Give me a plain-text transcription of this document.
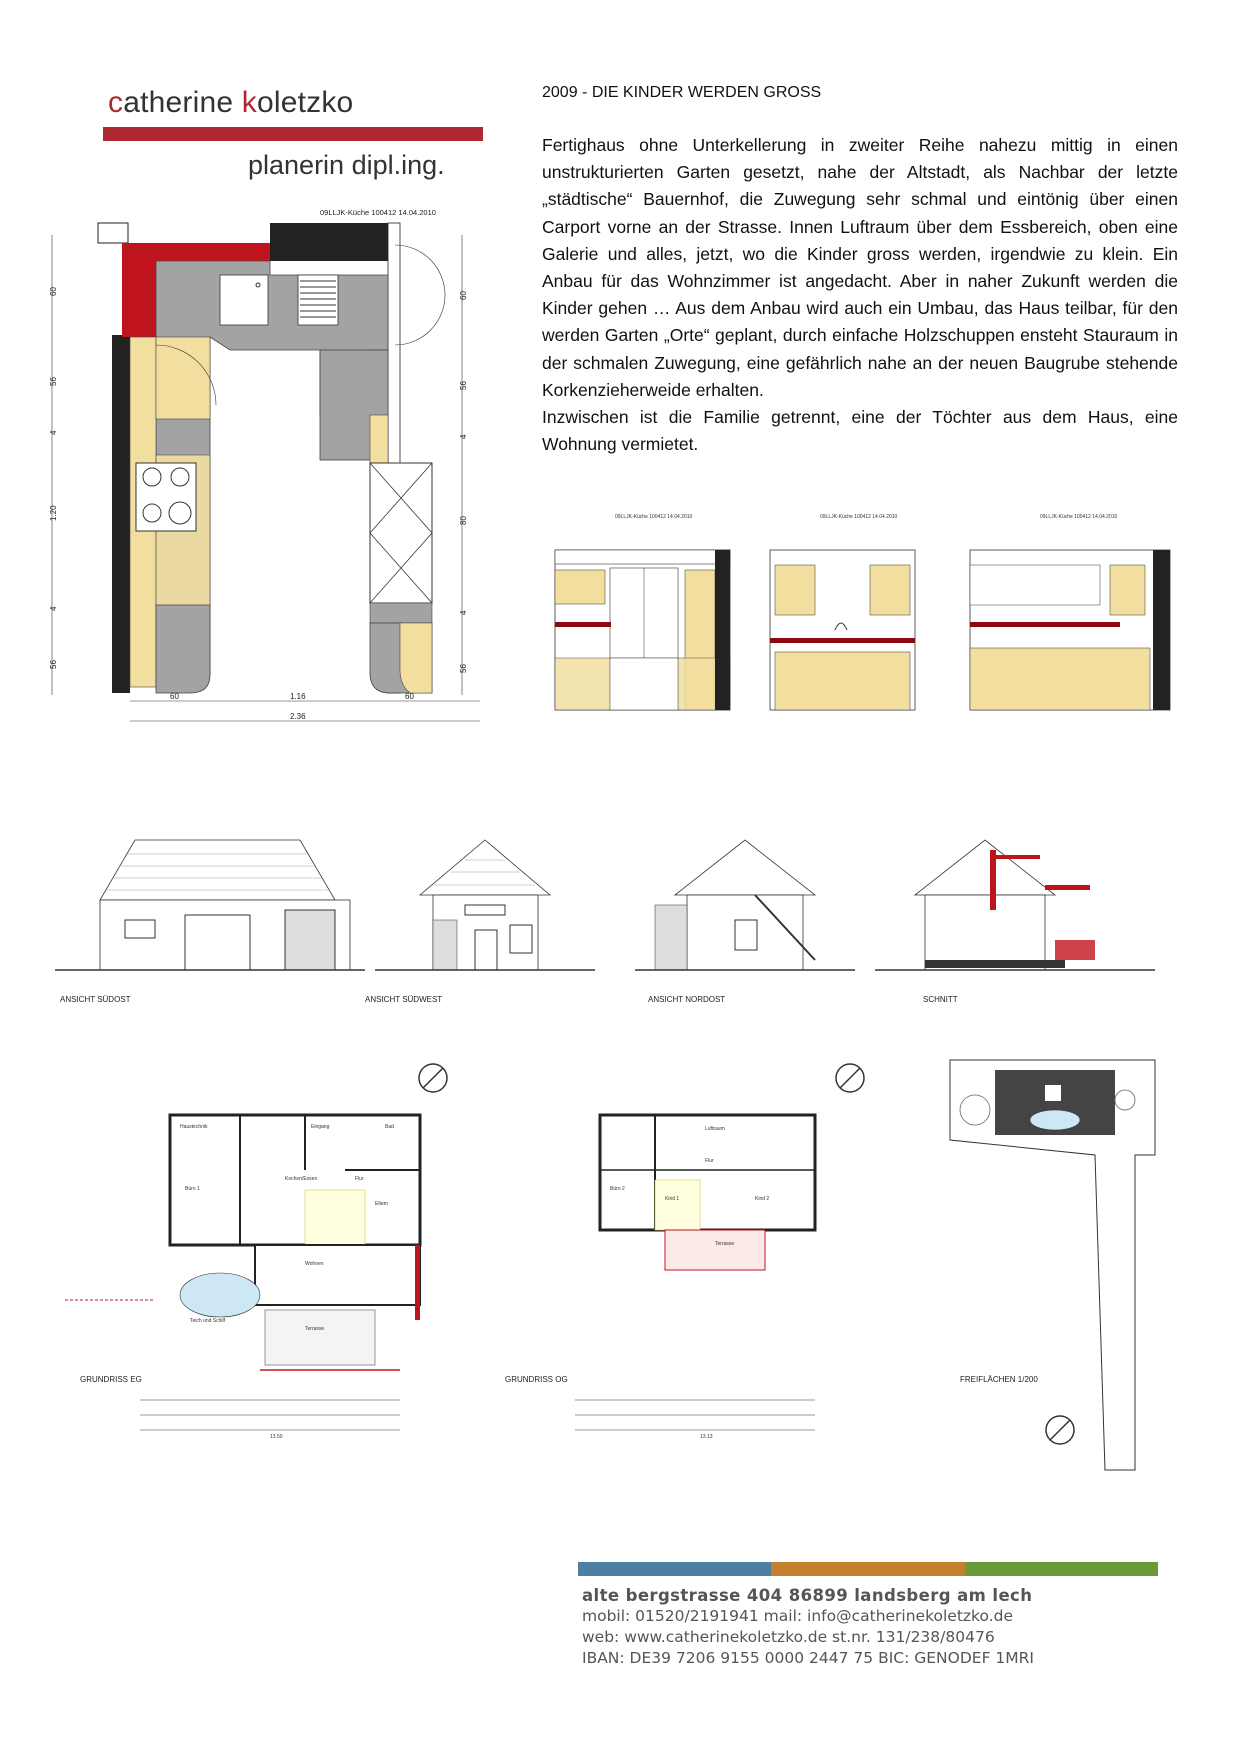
catherine koletzko
planerin dipl.ing.
2009 - DIE KINDER WERDEN GROSS

Fertighaus ohne Unterkellerung in zweiter Reihe nahezu mittig in einen unstrukturierten Garten gesetzt, nahe der Altstadt, als Nachbar der letzte „städtische“ Bauernhof, die Zuwegung sehr schmal und eintönig über einen Carport vorne an der Strasse. Innen Luftraum über dem Essbereich, oben eine Galerie und alles, jetzt, wo die Kinder gross werden, irgendwie zu klein. Ein Anbau für das Wohnzimmer ist angedacht. Aber in naher Zukunft werden die Kinder gehen … Aus dem Anbau wird auch ein Umbau, das Haus teilbar, für den werden Garten „Orte“ geplant, durch einfache Holzschuppen ensteht Stauraum in der schmalen Zuwegung, eine gefährlich nahe an der neuen Baugrube stehende Korkenzieherweide erhalten.

Inzwischen ist die Familie getrennt, eine der Töchter aus dem Haus, eine Wohnung vermietet.

09LLJK-Küche 100412 14.04.2010
60
56
4
1.20
4
56
60
56
4
80
4
56
60	1.16	60
2.36
09LLJK-Küche 100412 14.04.2010	09LLJK-Küche 100412 14.04.2010	09LLJK-Küche 100412 14.04.2010
ANSICHT SÜDOST	ANSICHT SÜDWEST	ANSICHT NORDOST	SCHNITT
Haustechnik	Eingang	Bad
Büro 1
Kochen/Essen	Flur
Eltern
Wohnen
Terrasse
Teich und Schilf
13.50
GRUNDRISS EG
Büro 2
Flur
Kind 1	Kind 2
Terrasse
Luftraum
13.13
GRUNDRISS OG	FREIFLÄCHEN 1/200
alte bergstrasse 404 86899 landsberg am lech
mobil: 01520/2191941 mail: info@catherinekoletzko.de
web: www.catherinekoletzko.de st.nr. 131/238/80476
IBAN: DE39 7206 9155 0000 2447 75 BIC: GENODEF 1MRI
